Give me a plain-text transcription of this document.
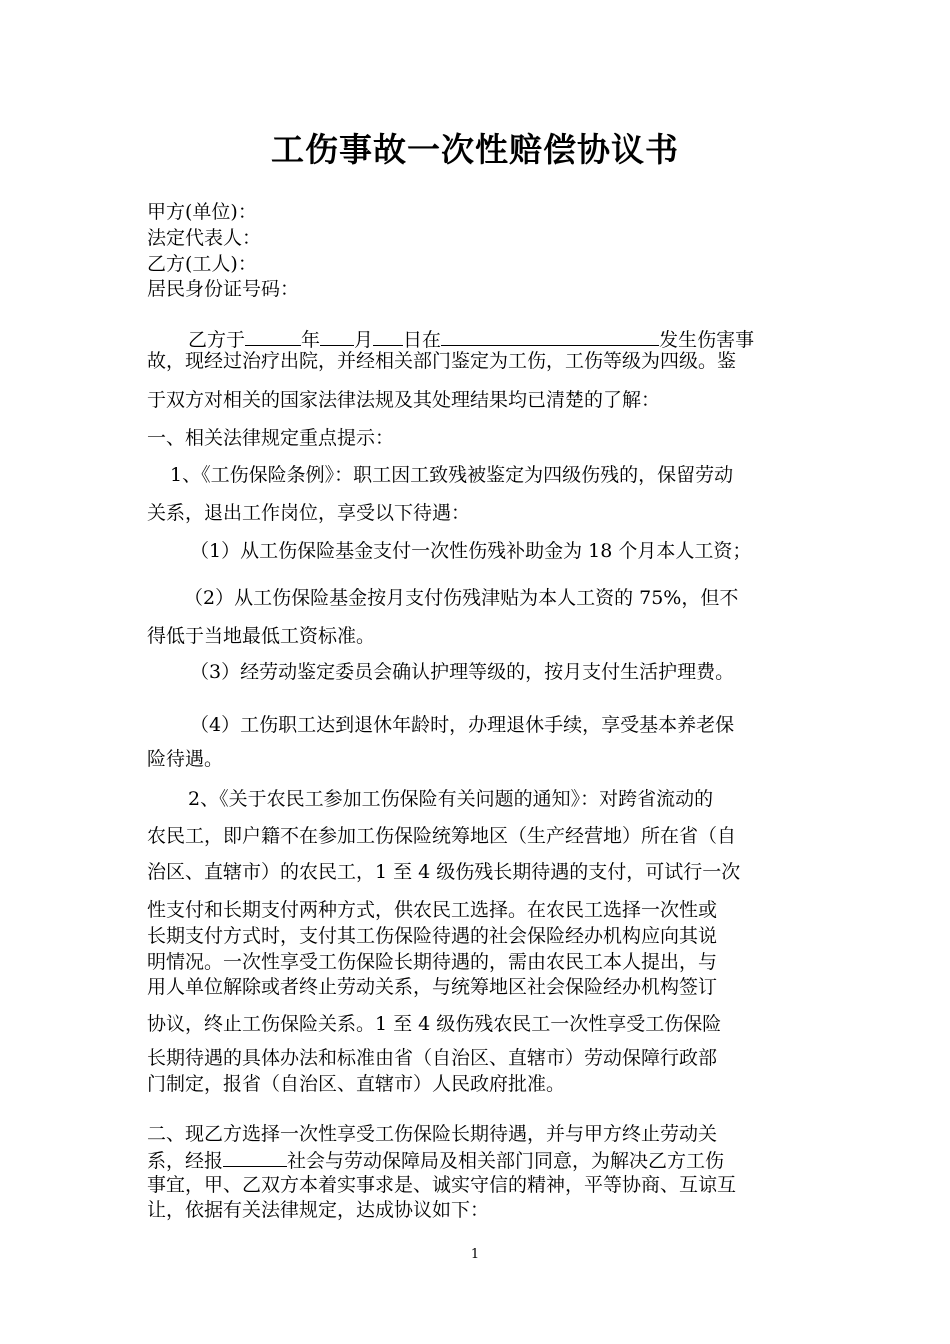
工伤事故一次性赔偿协议书
甲方(单位)：
法定代表人：
乙方(工人)：
居民身份证号码：
乙方于	年 月 日在	发生伤害事
故，现经过治疗出院，并经相关部门鉴定为工伤，工伤等级为四级。鉴
于双方对相关的国家法律法规及其处理结果均已清楚的了解：
一、相关法律规定重点提示：
1、《工伤保险条例》：职工因工致残被鉴定为四级伤残的，保留劳动
关系，退出工作岗位，享受以下待遇：
（1）从工伤保险基金支付一次性伤残补助金为 18 个月本人工资；
（2）从工伤保险基金按月支付伤残津贴为本人工资的 75%，但不
得低于当地最低工资标准。
（3）经劳动鉴定委员会确认护理等级的，按月支付生活护理费。
（4）工伤职工达到退休年龄时，办理退休手续，享受基本养老保
险待遇。
2、《关于农民工参加工伤保险有关问题的通知》：对跨省流动的
农民工，即户籍不在参加工伤保险统筹地区（生产经营地）所在省（自
治区、直辖市）的农民工，1 至 4 级伤残长期待遇的支付，可试行一次
性支付和长期支付两种方式，供农民工选择。在农民工选择一次性或
长期支付方式时，支付其工伤保险待遇的社会保险经办机构应向其说
明情况。一次性享受工伤保险长期待遇的，需由农民工本人提出，与
用人单位解除或者终止劳动关系，与统筹地区社会保险经办机构签订
协议，终止工伤保险关系。1 至 4 级伤残农民工一次性享受工伤保险
长期待遇的具体办法和标准由省（自治区、直辖市）劳动保障行政部
门制定，报省（自治区、直辖市）人民政府批准。
二、现乙方选择一次性享受工伤保险长期待遇，并与甲方终止劳动关
系，经报	社会与劳动保障局及相关部门同意，为解决乙方工伤
事宜，甲、乙双方本着实事求是、诚实守信的精神，平等协商、互谅互
让，依据有关法律规定，达成协议如下：
1
